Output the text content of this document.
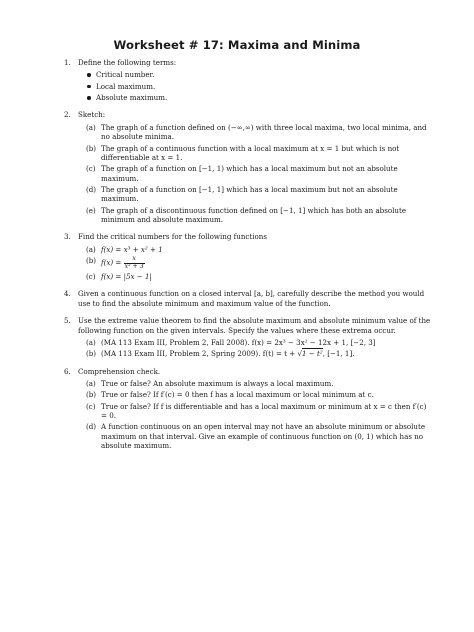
Worksheet # 17: Maxima and Minima
1. Define the following terms:
Critical number.
Local maximum.
Absolute maximum.
2. Sketch:
(a) The graph of a function defined on (−∞,∞) with three local maxima, two local minima, and no absolute minima.
(b) The graph of a continuous function with a local maximum at x = 1 but which is not differentiable at x = 1.
(c) The graph of a function on [−1, 1) which has a local maximum but not an absolute maximum.
(d) The graph of a function on [−1, 1] which has a local maximum but not an absolute maximum.
(e) The graph of a discontinuous function defined on [−1, 1] which has both an absolute minimum and absolute maximum.
3. Find the critical numbers for the following functions
(a) f(x) = x³ + x² + 1
(b) $f(x) = \frac{x}{\text{x² + 3}}$
(c) f(x) = |5x − 1|
4. Given a continuous function on a closed interval [a, b], carefully describe the method you would use to find the absolute minimum and maximum value of the function.
5. Use the extreme value theorem to find the absolute maximum and absolute minimum value of the following function on the given intervals. Specify the values where these extrema occur.
(a) (MA 113 Exam III, Problem 2, Fall 2008). f(x) = 2x³ − 3x² − 12x + 1, [−2, 3]
(b) (MA 113 Exam III, Problem 2, Spring 2009). f(t) = t + √1 − t², [−1, 1].
6. Comprehension check.
(a) True or false? An absolute maximum is always a local maximum.
(b) True or false? If f′(c) = 0 then f has a local maximum or local minimum at c.
(c) True or false? If f is differentiable and has a local maximum or minimum at x = c then f′(c) = 0.
(d) A function continuous on an open interval may not have an absolute minimum or absolute maximum on that interval. Give an example of continuous function on (0, 1) which has no absolute maximum.
